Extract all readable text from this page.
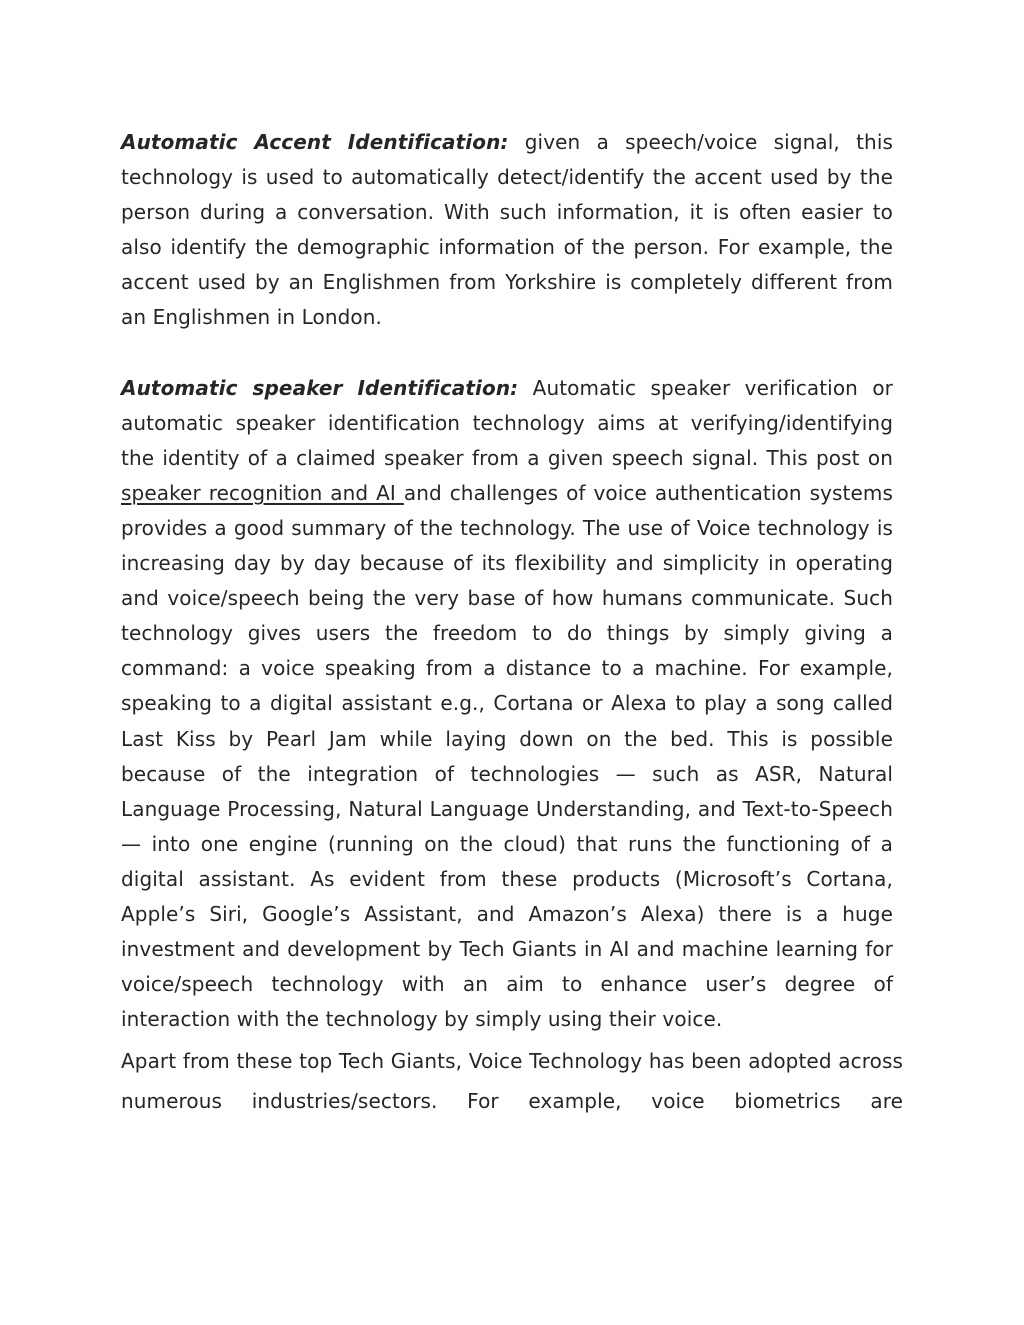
Automatic Accent Identification: given a speech/voice signal, this technology is used to automatically detect/identify the accent used by the person during a conversation. With such information, it is often easier to also identify the demographic information of the person. For example, the accent used by an Englishmen from Yorkshire is completely different from an Englishmen in London.

Automatic speaker Identification: Automatic speaker verification or automatic speaker identification technology aims at verifying/identifying the identity of a claimed speaker from a given speech signal. This post on speaker recognition and AI and challenges of voice authentication systems provides a good summary of the technology. The use of Voice technology is increasing day by day because of its flexibility and simplicity in operating and voice/speech being the very base of how humans communicate. Such technology gives users the freedom to do things by simply giving a command: a voice speaking from a distance to a machine. For example, speaking to a digital assistant e.g., Cortana or Alexa to play a song called Last Kiss by Pearl Jam while laying down on the bed. This is possible because of the integration of technologies — such as ASR, Natural Language Processing, Natural Language Understanding, and Text-to-Speech — into one engine (running on the cloud) that runs the functioning of a digital assistant. As evident from these products (Microsoft’s Cortana, Apple’s Siri, Google’s Assistant, and Amazon’s Alexa) there is a huge investment and development by Tech Giants in AI and machine learning for voice/speech technology with an aim to enhance user’s degree of interaction with the technology by simply using their voice.

Apart from these top Tech Giants, Voice Technology has been adopted across numerous industries/sectors. For example, voice biometrics are
